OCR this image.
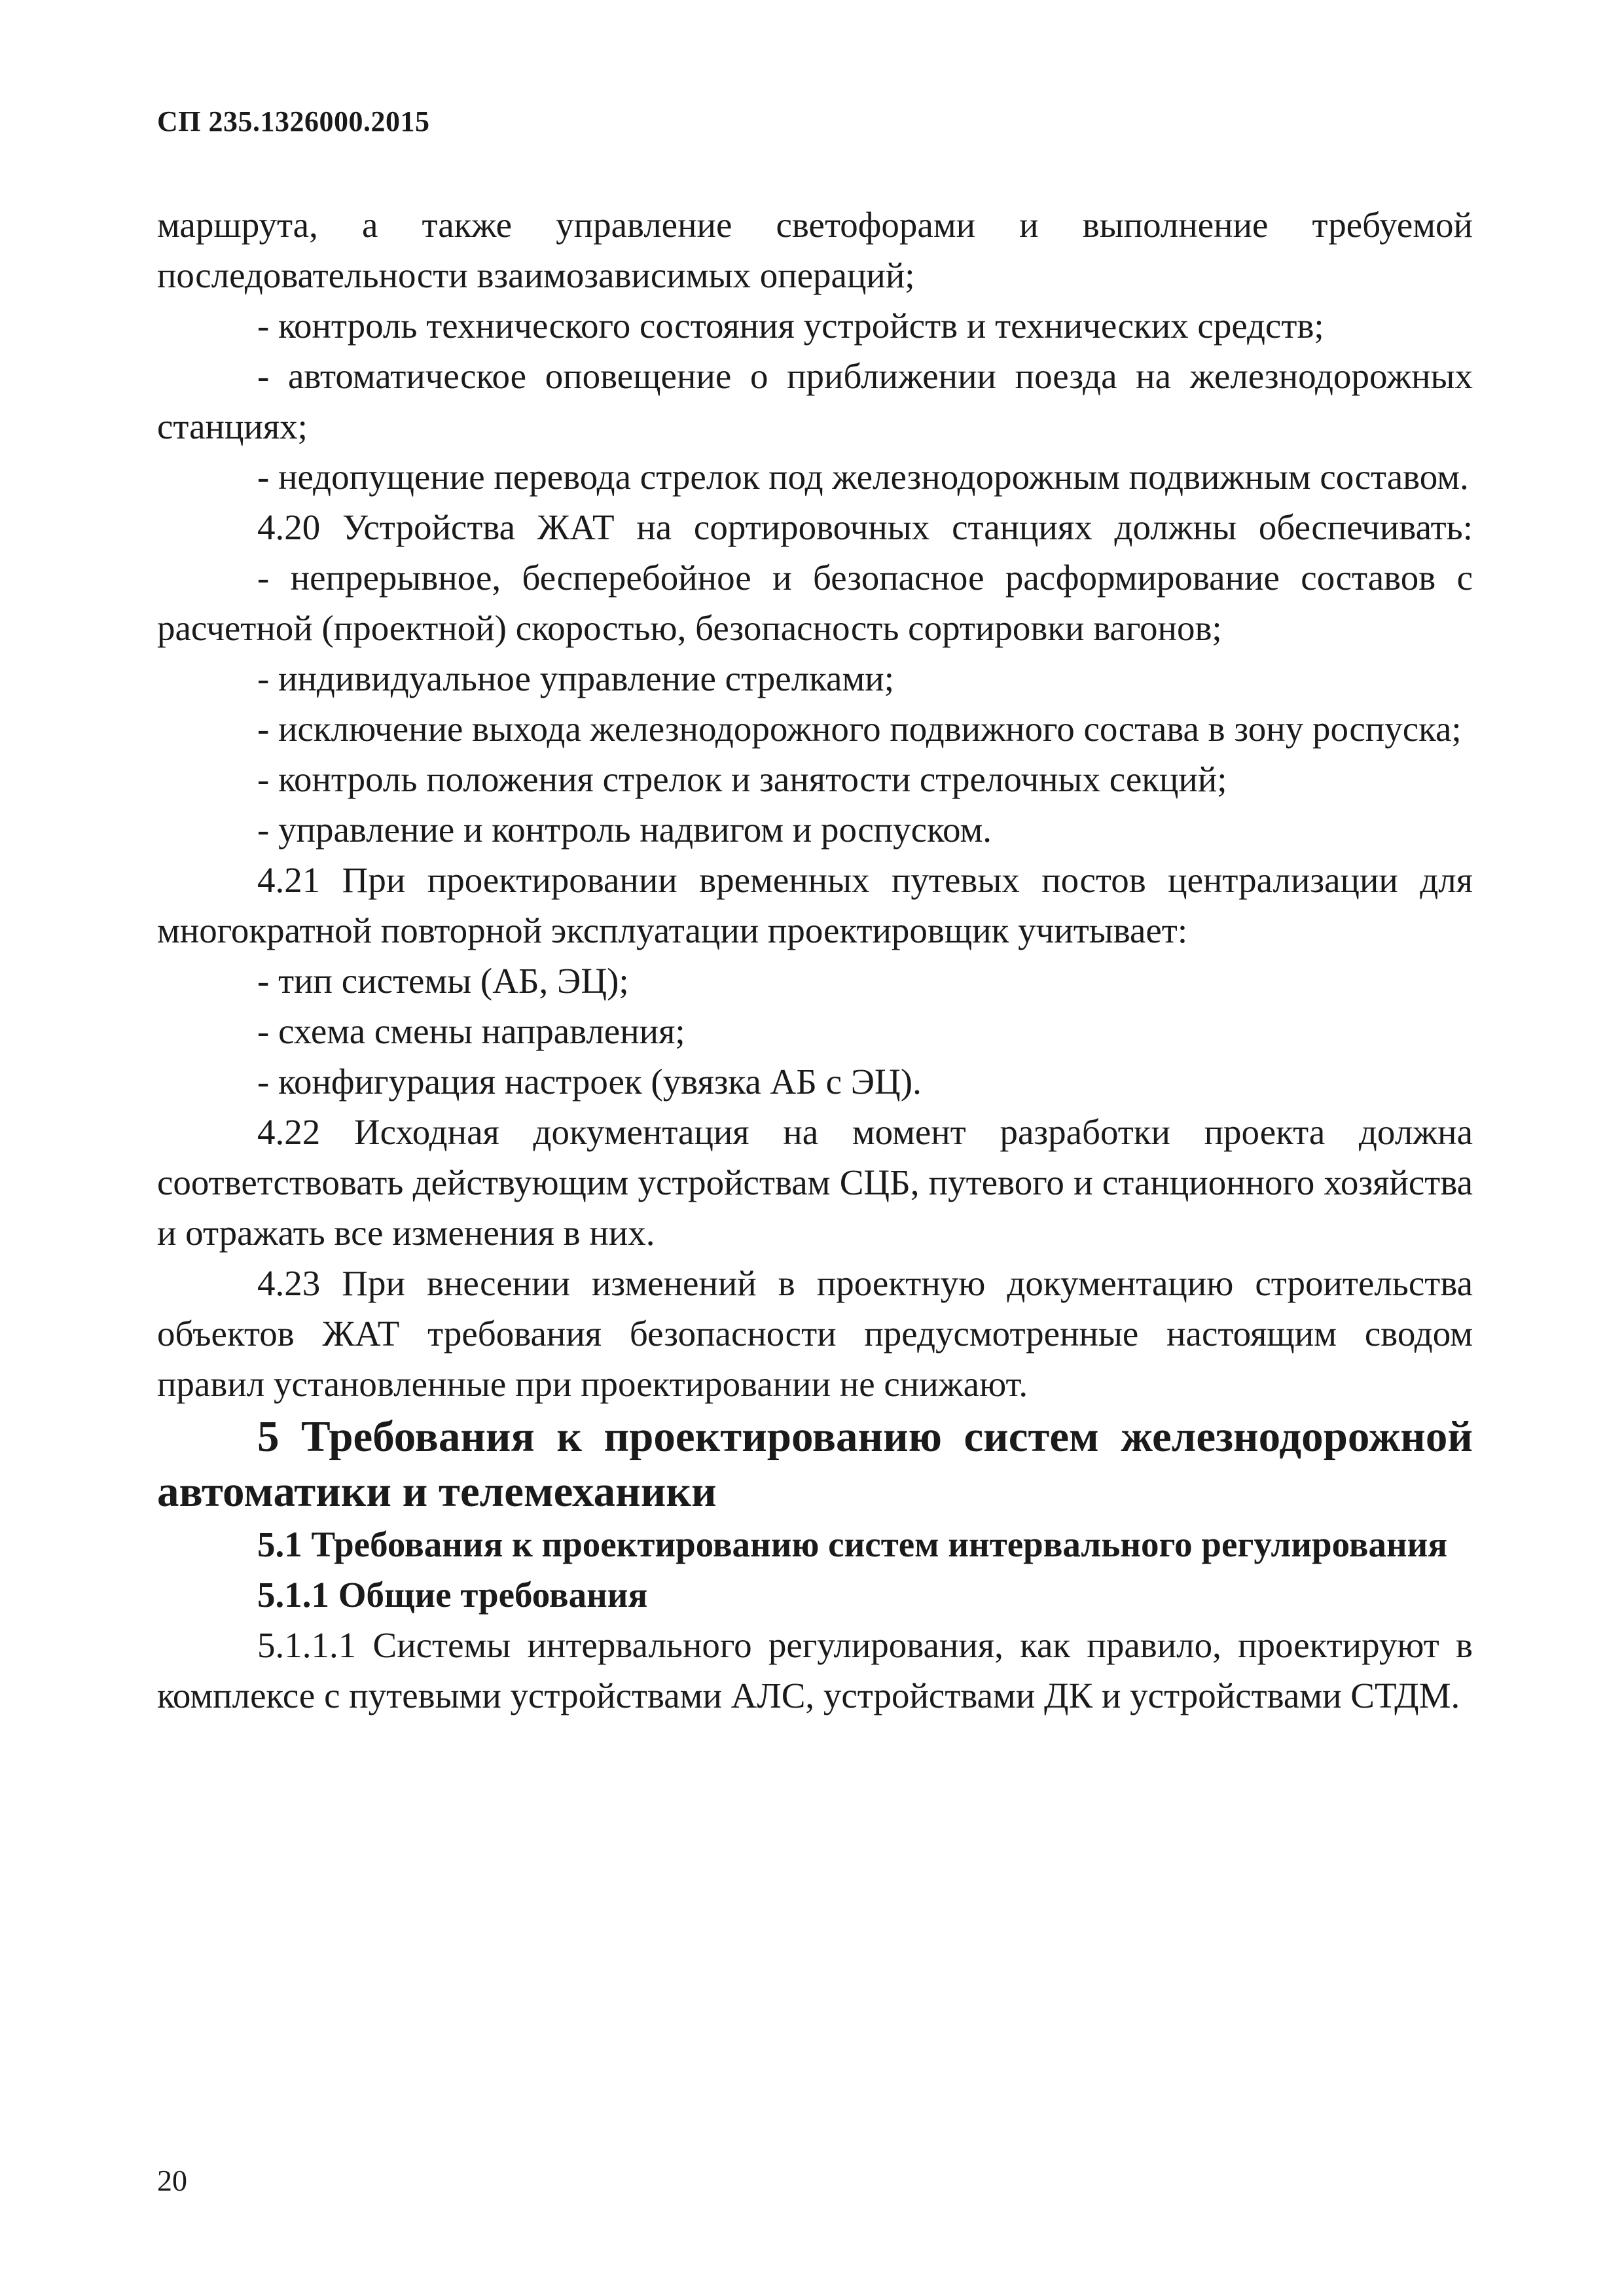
СП 235.1326000.2015

маршрута, а также управление светофорами и выполнение требуемой последовательности взаимозависимых операций;

- контроль технического состояния устройств и технических средств;

- автоматическое оповещение о приближении поезда на железнодорожных станциях;

- недопущение перевода стрелок под железнодорожным подвижным составом.

4.20 Устройства ЖАТ на сортировочных станциях должны обеспечивать:

- непрерывное, бесперебойное и безопасное расформирование составов с расчетной (проектной) скоростью, безопасность сортировки вагонов;

- индивидуальное управление стрелками;

- исключение выхода железнодорожного подвижного состава в зону роспуска;

- контроль положения стрелок и занятости стрелочных секций;

- управление и контроль надвигом и роспуском.

4.21 При проектировании временных путевых постов централизации для многократной повторной эксплуатации проектировщик учитывает:

- тип системы (АБ, ЭЦ);

- схема смены направления;

- конфигурация настроек (увязка АБ с ЭЦ).

4.22 Исходная документация на момент разработки проекта должна соответствовать действующим устройствам СЦБ, путевого и станционного хозяйства и отражать все изменения в них.

4.23 При внесении изменений в проектную документацию строительства объектов ЖАТ требования безопасности предусмотренные настоящим сводом правил установленные при проектировании не снижают.

5 Требования к проектированию систем железнодорожной автоматики и телемеханики

5.1 Требования к проектированию систем интервального регулирования

5.1.1 Общие требования

5.1.1.1 Системы интервального регулирования, как правило, проектируют в комплексе с путевыми устройствами АЛС, устройствами ДК и устройствами СТДМ.

20
